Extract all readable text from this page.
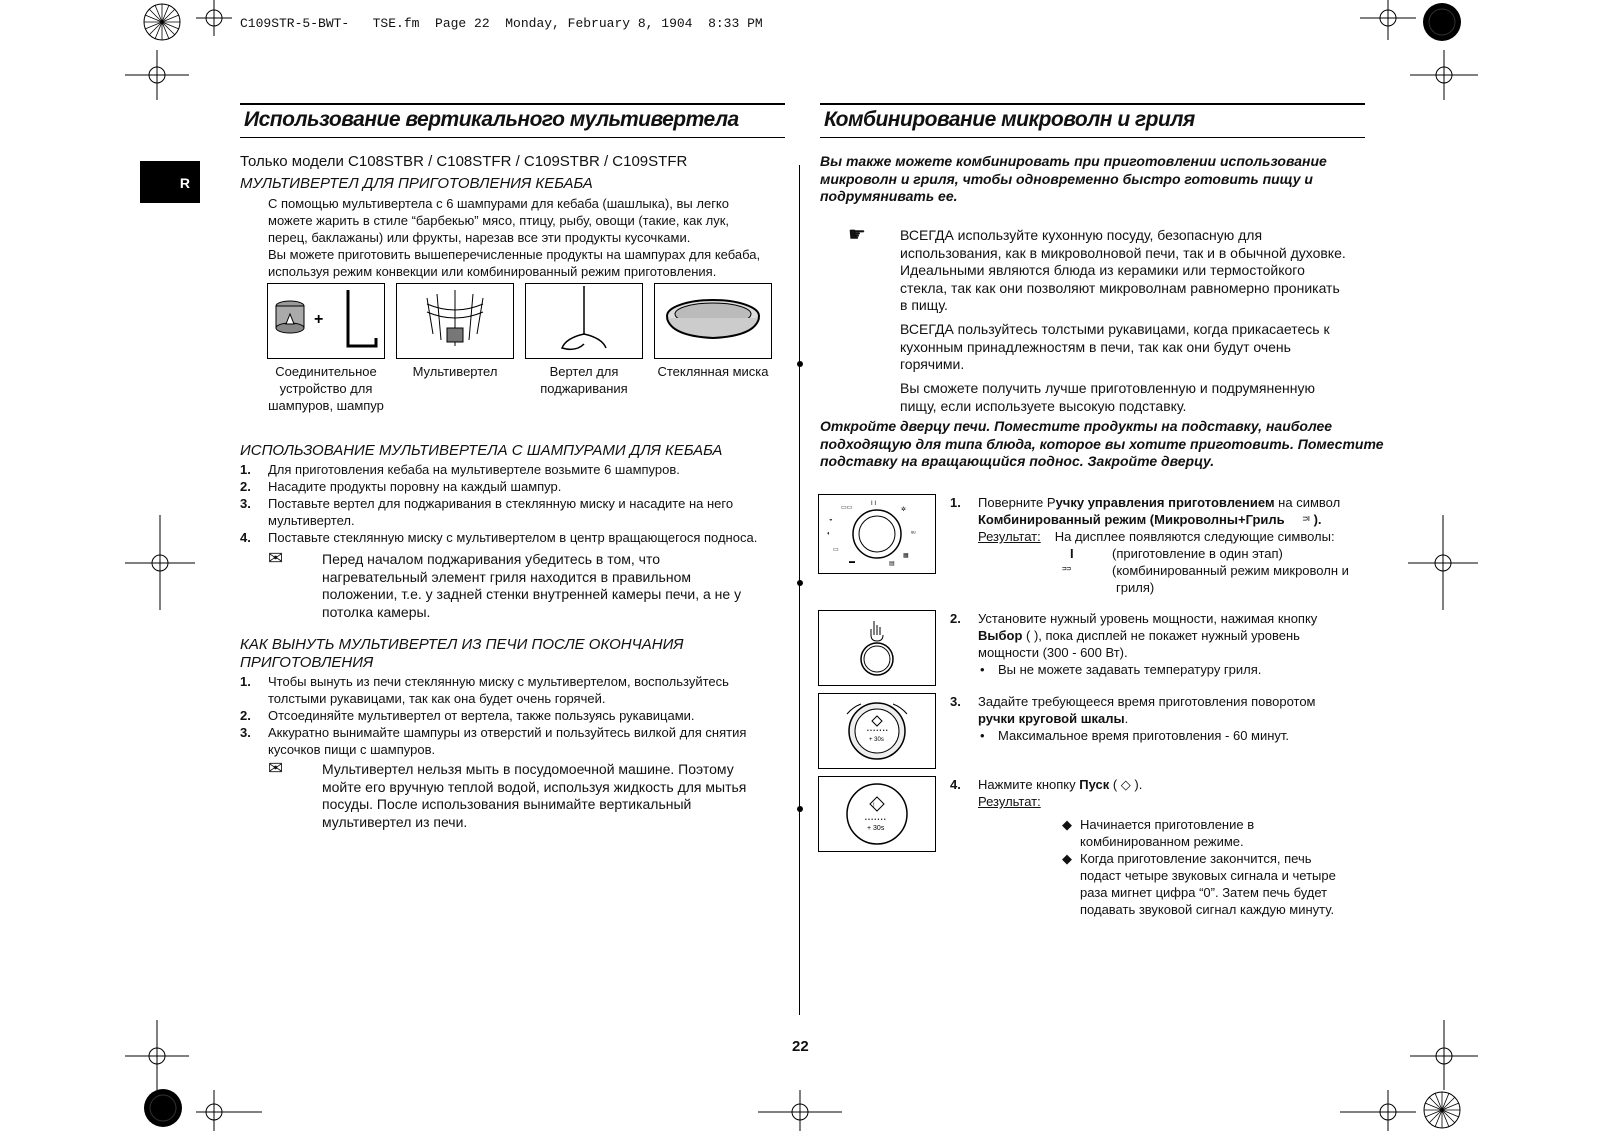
C109STR-5-BWT-   TSE.fm  Page 22  Monday, February 8, 1904  8:33 PM
R
Использование вертикального мультивертела
Только модели C108STBR / C108STFR / C109STBR / C109STFR
МУЛЬТИВЕРТЕЛ ДЛЯ ПРИГОТОВЛЕНИЯ КЕБАБА
С помощью мультивертела с 6 шампурами для кебаба (шашлыка), вы легко
можете жарить в стиле “барбекью” мясо, птицу, рыбу, овощи (такие, как лук,
перец, баклажаны) или фрукты, нарезав все эти продукты кусочками.
Вы можете приготовить вышеперечисленные продукты на шампурах для кебаба,
используя режим конвекции или комбинированный режим приготовления.
+
Соединительное
устройство для
шампуров, шампур
Мультивертел	Вертел для
поджаривания
Стеклянная миска
ИСПОЛЬЗОВАНИЕ МУЛЬТИВЕРТЕЛА С ШАМПУРАМИ ДЛЯ КЕБАБА
1. Для приготовления кебаба на мультивертеле возьмите 6 шампуров.
2. Насадите продукты поровну на каждый шампур.
3. Поставьте вертел для поджаривания в стеклянную миску и насадите на него
мультивертел.
4. Поставьте стеклянную миску с мультивертелом в центр вращающегося подноса.
✉	Перед началом поджаривания убедитесь в том, что
нагревательный элемент гриля находится в правильном
положении, т.е. у задней стенки внутренней камеры печи, а не у
потолка камеры.
КАК ВЫНУТЬ МУЛЬТИВЕРТЕЛ ИЗ ПЕЧИ ПОСЛЕ ОКОНЧАНИЯ
ПРИГОТОВЛЕНИЯ
1. Чтобы вынуть из печи стеклянную миску с мультивертелом, воспользуйтесь
толстыми рукавицами, так как она будет очень горячей.
2. Отсоединяйте мультивертел от вертела, также пользуясь рукавицами.
3. Аккуратно вынимайте шампуры из отверстий и пользуйтесь вилкой для снятия
кусочков пищи с шампуров.
✉	Мультивертел нельзя мыть в посудомоечной машине. Поэтому
мойте его вручную теплой водой, используя жидкость для мытья
посуды. После использования вынимайте вертикальный
мультивертел из печи.
Комбинирование микроволн и гриля
Вы также можете комбинировать при приготовлении использование
микроволн и гриля, чтобы одновременно быстро готовить пищу и
подрумянивать ее.
☛ ВСЕГДА используйте кухонную посуду, безопасную для
использования, как в микроволновой печи, так и в обычной духовке.
Идеальными являются блюда из керамики или термостойкого
стекла, так как они позволяют микроволнам равномерно проникать
в пищу.
ВСЕГДА пользуйтесь толстыми рукавицами, когда прикасаетесь к
кухонным принадлежностям в печи, так как они будут очень
горячими.
Вы сможете получить лучше приготовленную и подрумяненную
пищу, если используете высокую подставку.
Откройте дверцу печи. Поместите продукты на подставку, наиболее
подходящую для типа блюда, которое вы хотите приготовить. Поместите
подставку на вращающийся поднос. Закройте дверцу.
▭▭
◒
◐
▭
▬
I I
✲
ᵘᵘ
▦
▤
• • • • • • •
+ 30s
!
• • • • • • •
+ 30s
1. Поверните Ручку управления приготовлением на символ
Комбинированный режим (Микроволны+Гриль ᵙᶦ ).
Результат: На дисплее появляются следующие символы:
I	(приготовление в один этап)
ᵙᵙ	(комбинированный режим микроволн и
гриля)
2. Установите нужный уровень мощности, нажимая кнопку
Выбор ( ), пока дисплей не покажет нужный уровень
мощности (300 - 600 Вт).
• Вы не можете задавать температуру гриля.
3. Задайте требующееся время приготовления поворотом
ручки круговой шкалы.
• Максимальное время приготовления - 60 минут.
4. Нажмите кнопку Пуск ( ◇ ).
Результат:
◆ Начинается приготовление в
комбинированном режиме.
◆ Когда приготовление закончится, печь
подаст четыре звуковых сигнала и четыре
раза мигнет цифра “0”. Затем печь будет
подавать звуковой сигнал каждую минуту.
22
